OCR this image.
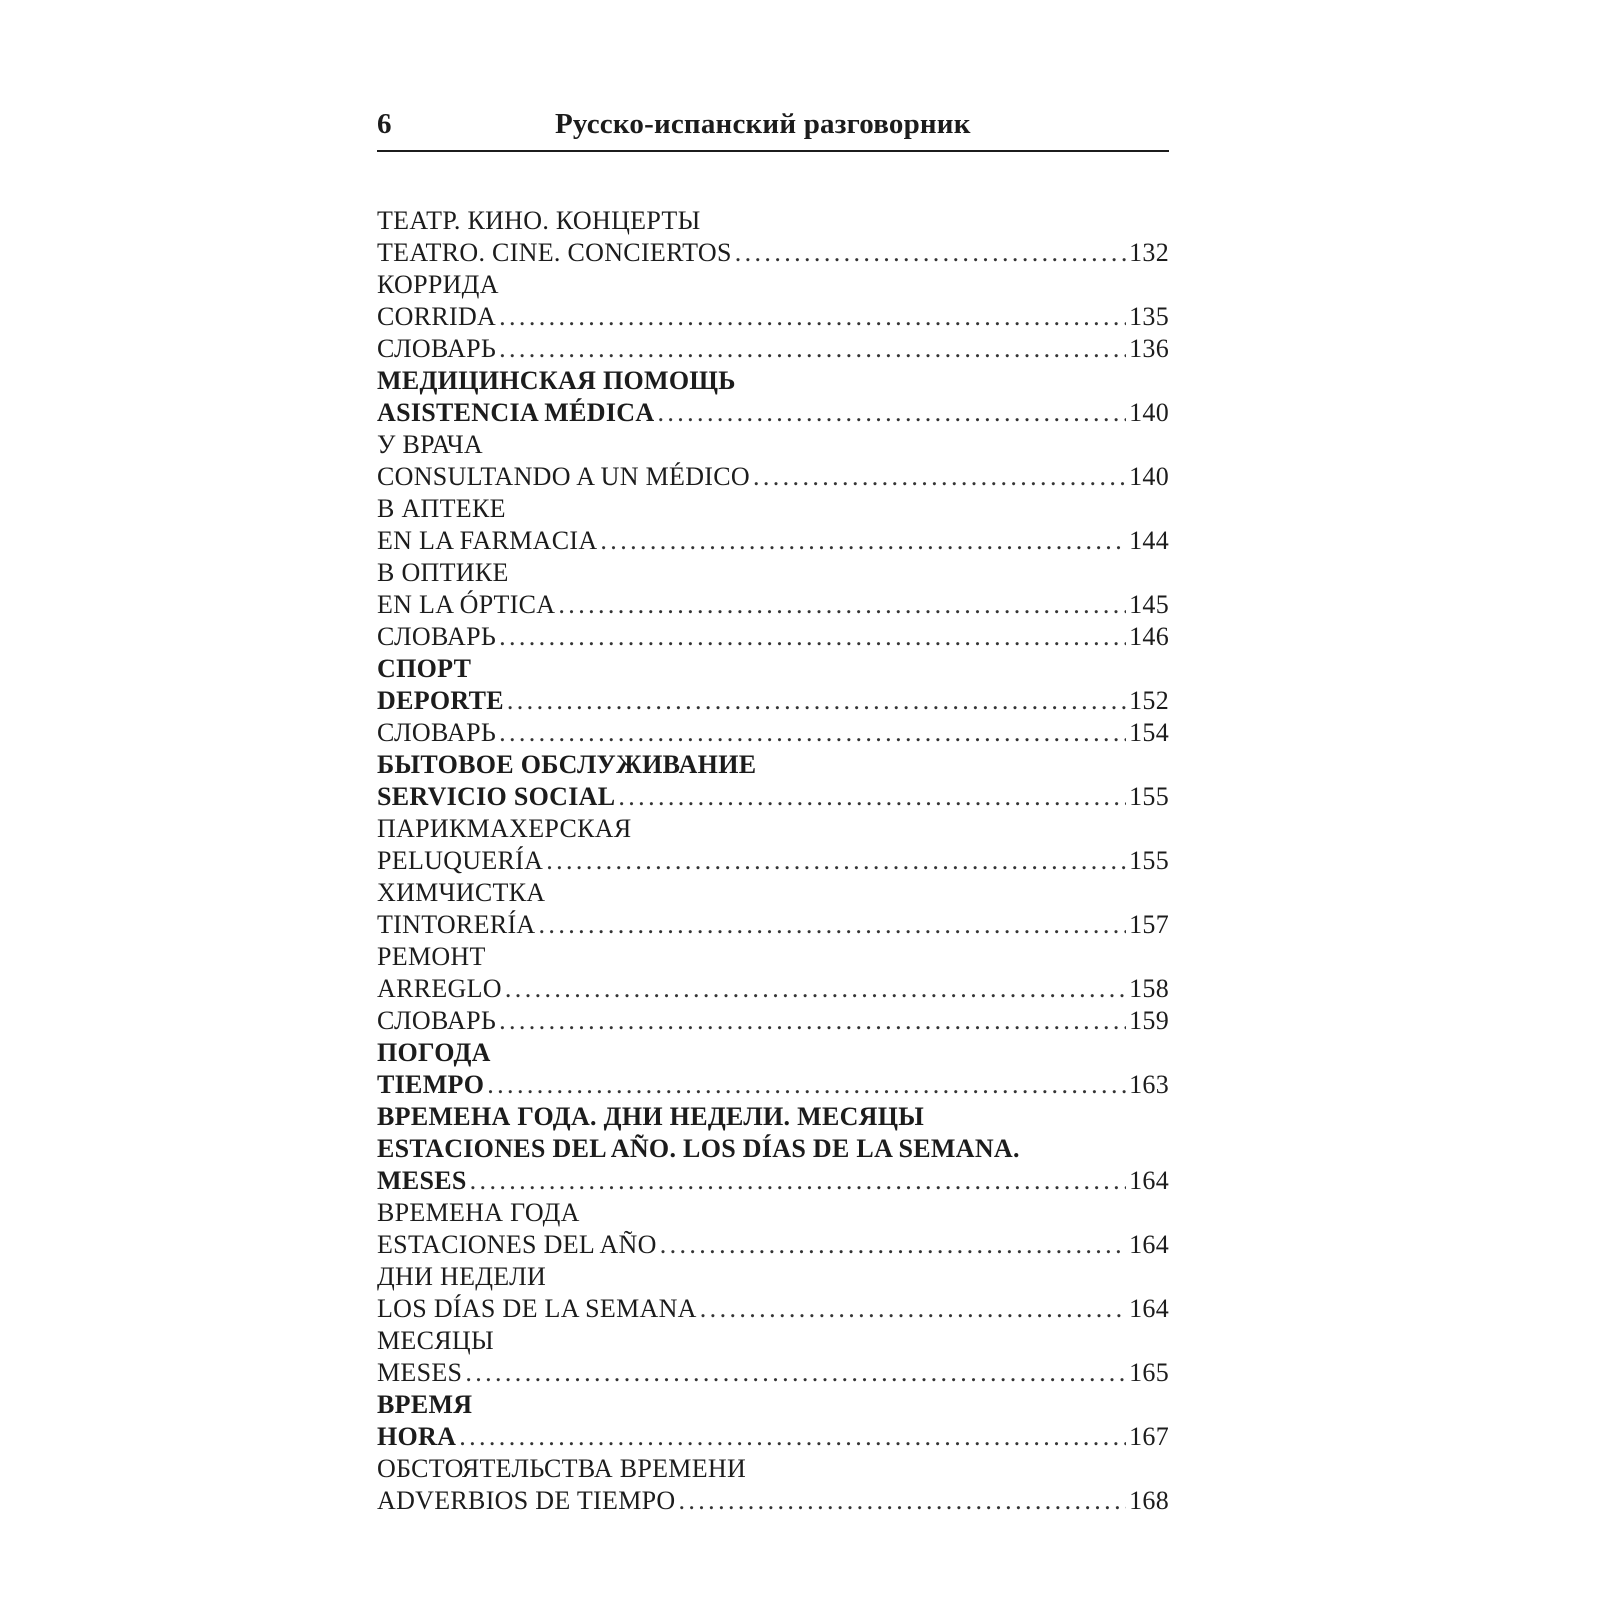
6	Русско-испанский разговорник
ТЕАТР. КИНО. КОНЦЕРТЫ
TEATRO. CINE. CONCIERTOS .....	132
КОРРИДА
CORRIDA .....	135
СЛОВАРЬ .....	136
МЕДИЦИНСКАЯ ПОМОЩЬ
ASISTENCIA MÉDICA .....	140
У ВРАЧА
CONSULTANDO A UN MÉDICO .....	140
В АПТЕКЕ
EN LA FARMACIA .....	144
В ОПТИКЕ
EN LA ÓPTICA .....	145
СЛОВАРЬ .....	146
СПОРТ
DEPORTE .....	152
СЛОВАРЬ .....	154
БЫТОВОЕ ОБСЛУЖИВАНИЕ
SERVICIO SOCIAL .....	155
ПАРИКМАХЕРСКАЯ
PELUQUERÍA .....	155
ХИМЧИСТКА
TINTORERÍA .....	157
РЕМОНТ
ARREGLO .....	158
СЛОВАРЬ .....	159
ПОГОДА
TIEMPO .....	163
ВРЕМЕНА ГОДА. ДНИ НЕДЕЛИ. МЕСЯЦЫ
ESTACIONES DEL AÑO. LOS DÍAS DE LA SEMANA.
MESES .....	164
ВРЕМЕНА ГОДА
ESTACIONES DEL AÑO .....	164
ДНИ НЕДЕЛИ
LOS DÍAS DE LA SEMANA .....	164
МЕСЯЦЫ
MESES .....	165
ВРЕМЯ
HORA .....	167
ОБСТОЯТЕЛЬСТВА ВРЕМЕНИ
ADVERBIOS DE TIEMPO .....	168
